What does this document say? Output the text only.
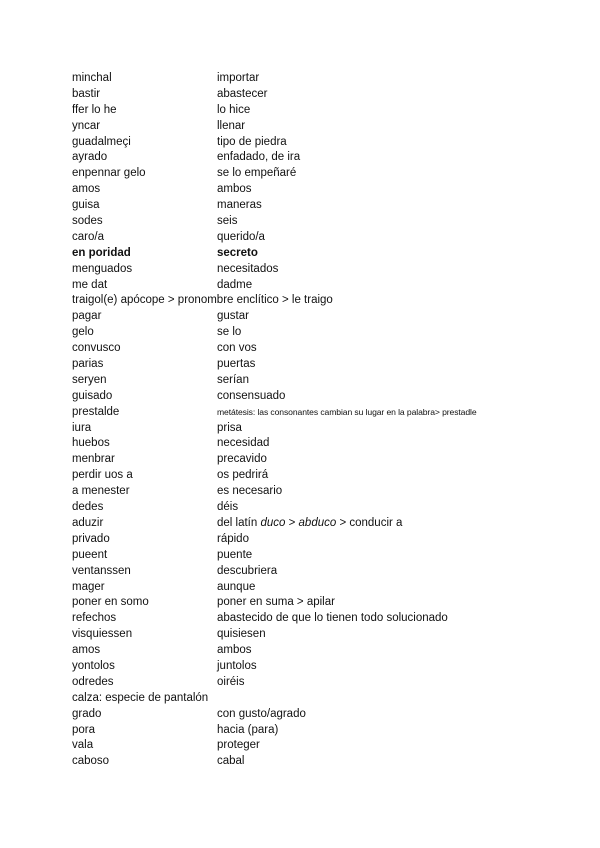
minchal	importar
bastir	abastecer
ffer lo he	lo hice
yncar	llenar
guadalmeçi	tipo de piedra
ayrado	enfadado, de ira
enpennar gelo	se lo empeñaré
amos	ambos
guisa	maneras
sodes	seis
caro/a	querido/a
en poridad	secreto
menguados	necesitados
me dat	dadme
traigol(e) apócope > pronombre enclítico > le traigo
pagar	gustar
gelo	se lo
convusco	con vos
parias	puertas
seryen	serían
guisado	consensuado
prestalde	metátesis: las consonantes cambian su lugar en la palabra> prestadle
iura	prisa
huebos	necesidad
menbrar	precavido
perdir uos a	os pedrirá
a menester	es necesario
dedes	déis
aduzir	del latín duco > abduco > conducir a
privado	rápido
pueent	puente
ventanssen	descubriera
mager	aunque
poner en somo	poner en suma > apilar
refechos	abastecido de que lo tienen todo solucionado
visquiessen	quisiesen
amos	ambos
yontolos	juntolos
odredes	oiréis
calza: especie de pantalón
grado	con gusto/agrado
pora	hacia (para)
vala	proteger
caboso	cabal
